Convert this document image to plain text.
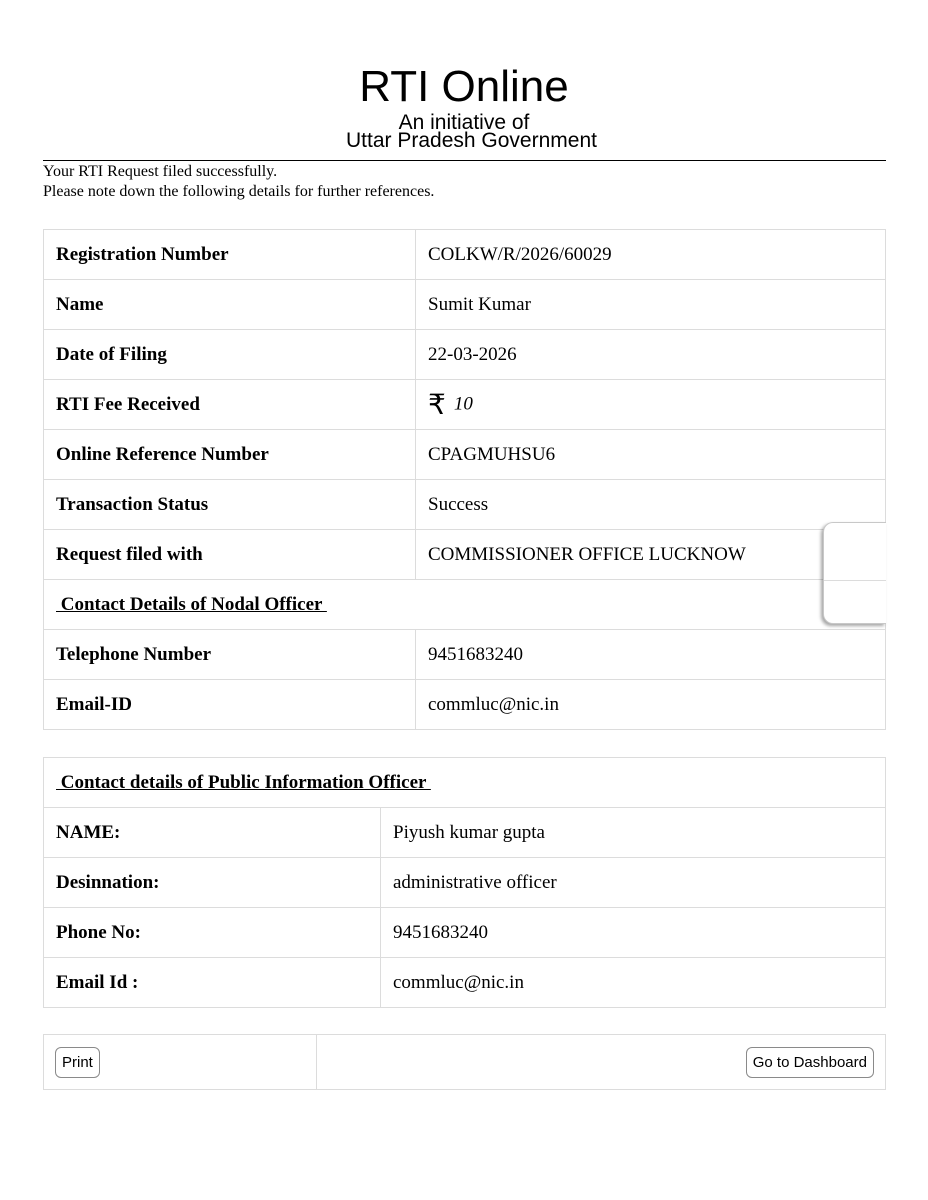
RTI Online
An initiative of
Uttar Pradesh Government
Your RTI Request filed successfully.
Please note down the following details for further references.
Registration Number	COLKW/R/2026/60029
Name	Sumit Kumar
Date of Filing	22-03-2026
RTI Fee Received	₹ 10
Online Reference Number	CPAGMUHSU6
Transaction Status	Success
Request filed with	COMMISSIONER OFFICE LUCKNOW
Contact Details of Nodal Officer	
Telephone Number	9451683240
Email-ID	commluc@nic.in
Contact details of Public Information Officer	
NAME:	Piyush kumar gupta
Desinnation:	administrative officer
Phone No:	9451683240
Email Id :	commluc@nic.in
Print	Go to Dashboard
